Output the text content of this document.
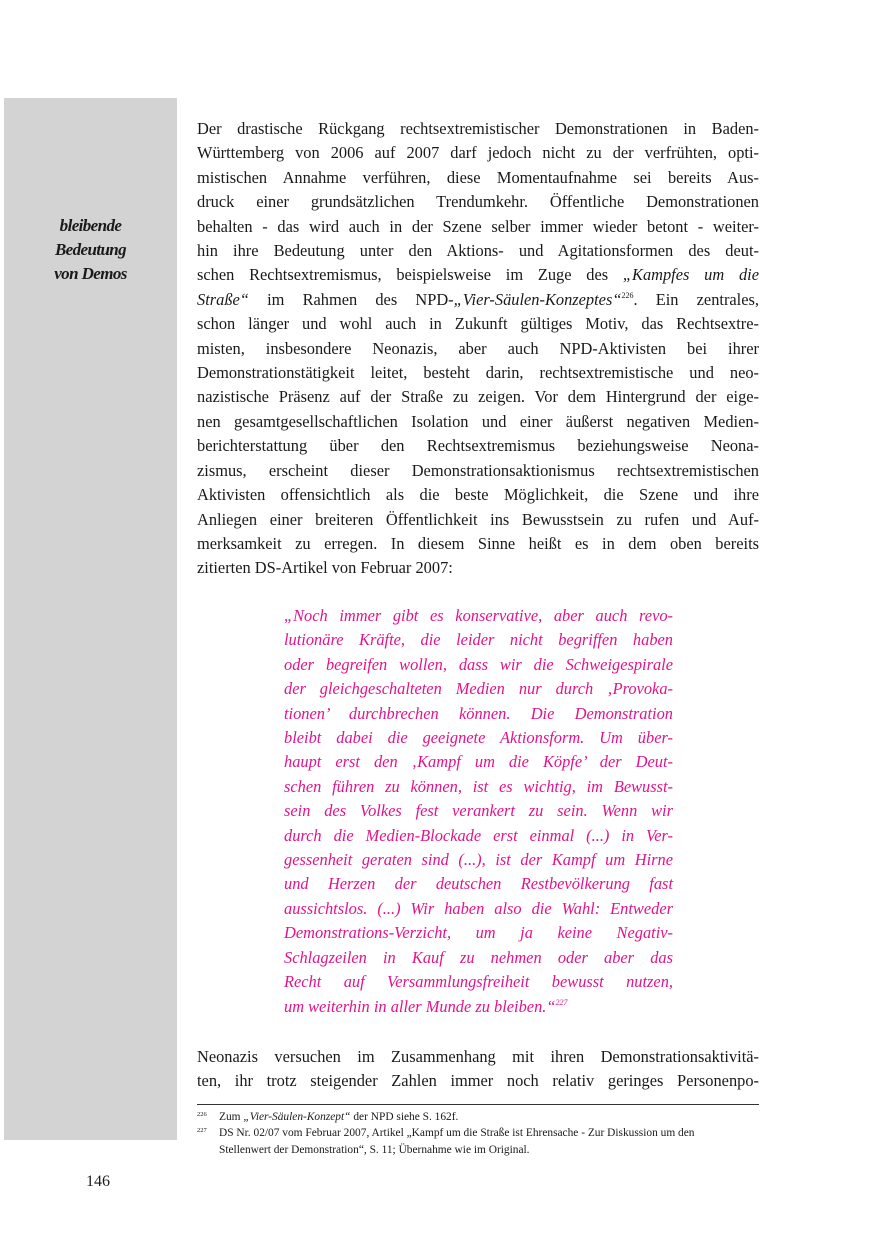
bleibende
Bedeutung
von Demos
Der drastische Rückgang rechtsextremistischer Demonstrationen in Baden-
Württemberg von 2006 auf 2007 darf jedoch nicht zu der verfrühten, opti-
mistischen Annahme verführen, diese Momentaufnahme sei bereits Aus-
druck einer grundsätzlichen Trendumkehr. Öffentliche Demonstrationen
behalten - das wird auch in der Szene selber immer wieder betont - weiter-
hin ihre Bedeutung unter den Aktions- und Agitationsformen des deut-
schen Rechtsextremismus, beispielsweise im Zuge des „Kampfes um die
Straße“ im Rahmen des NPD-„Vier-Säulen-Konzeptes“$^{226}$. Ein zentrales,
schon länger und wohl auch in Zukunft gültiges Motiv, das Rechtsextre-
misten, insbesondere Neonazis, aber auch NPD-Aktivisten bei ihrer
Demonstrationstätigkeit leitet, besteht darin, rechtsextremistische und neo-
nazistische Präsenz auf der Straße zu zeigen. Vor dem Hintergrund der eige-
nen gesamtgesellschaftlichen Isolation und einer äußerst negativen Medien-
berichterstattung über den Rechtsextremismus beziehungsweise Neona-
zismus, erscheint dieser Demonstrationsaktionismus rechtsextremistischen
Aktivisten offensichtlich als die beste Möglichkeit, die Szene und ihre
Anliegen einer breiteren Öffentlichkeit ins Bewusstsein zu rufen und Auf-
merksamkeit zu erregen. In diesem Sinne heißt es in dem oben bereits
zitierten DS-Artikel von Februar 2007:
„Noch immer gibt es konservative, aber auch revo-
lutionäre Kräfte, die leider nicht begriffen haben
oder begreifen wollen, dass wir die Schweigespirale
der gleichgeschalteten Medien nur durch ‚Provoka-
tionen’ durchbrechen können. Die Demonstration
bleibt dabei die geeignete Aktionsform. Um über-
haupt erst den ‚Kampf um die Köpfe’ der Deut-
schen führen zu können, ist es wichtig, im Bewusst-
sein des Volkes fest verankert zu sein. Wenn wir
durch die Medien-Blockade erst einmal (...) in Ver-
gessenheit geraten sind (...), ist der Kampf um Hirne
und Herzen der deutschen Restbevölkerung fast
aussichtslos. (...) Wir haben also die Wahl: Entweder
Demonstrations-Verzicht, um ja keine Negativ-
Schlagzeilen in Kauf zu nehmen oder aber das
Recht auf Versammlungsfreiheit bewusst nutzen,
um weiterhin in aller Munde zu bleiben.“$^{227}$
Neonazis versuchen im Zusammenhang mit ihren Demonstrationsaktivitä-
ten, ihr trotz steigender Zahlen immer noch relativ geringes Personenpo-
226 Zum „Vier-Säulen-Konzept“ der NPD siehe S. 162f.
227 DS Nr. 02/07 vom Februar 2007, Artikel „Kampf um die Straße ist Ehrensache - Zur Diskussion um den
Stellenwert der Demonstration“, S. 11; Übernahme wie im Original.
146
